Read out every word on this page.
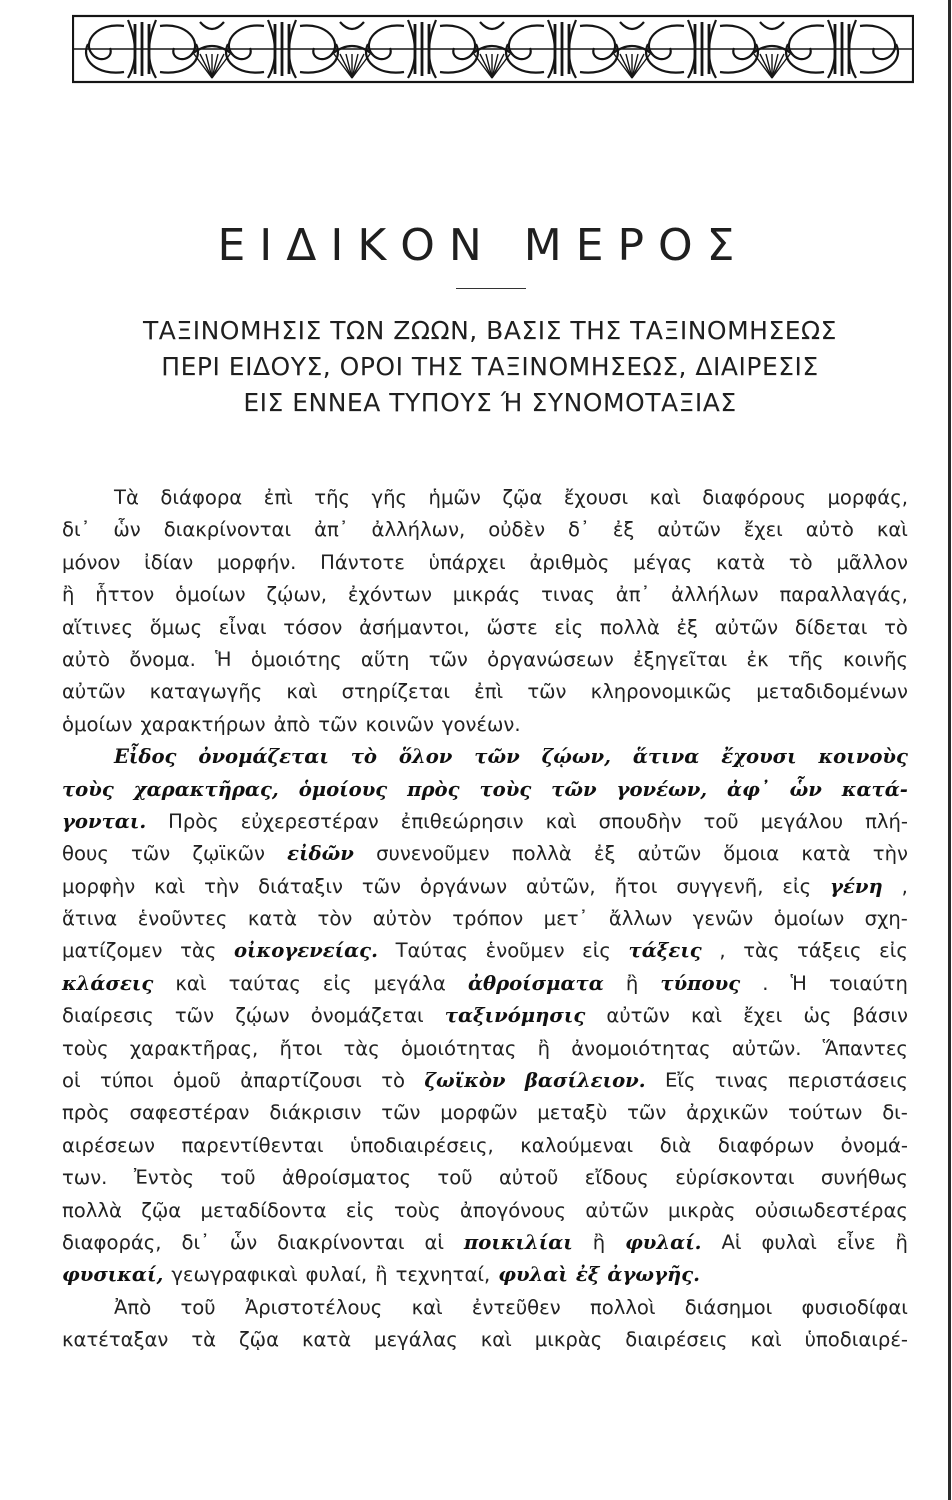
ΕΙΔΙΚΟΝ ΜΕΡΟΣ
ΤΑΞΙΝΟΜΗΣΙΣ ΤΩΝ ΖΩΩΝ, ΒΑΣΙΣ ΤΗΣ ΤΑΞΙΝΟΜΗΣΕΩΣ
ΠΕΡΙ ΕΙΔΟΥΣ, ΟΡΟΙ ΤΗΣ ΤΑΞΙΝΟΜΗΣΕΩΣ, ΔΙΑΙΡΕΣΙΣ
ΕΙΣ ΕΝΝΕΑ ΤΥΠΟΥΣ Ή ΣΥΝΟΜΟΤΑΞΙΑΣ
Τὰ διάφορα ἐπὶ τῆς γῆς ἡμῶν ζῷα ἔχουσι καὶ διαφόρους μορφάς,
δι᾿ ὧν διακρίνονται ἀπ᾿ ἀλλήλων, οὐδὲν δ᾿ ἐξ αὐτῶν ἔχει αὐτὸ καὶ
μόνον ἰδίαν μορφήν. Πάντοτε ὑπάρχει ἀριθμὸς μέγας κατὰ τὸ μᾶλλον
ἢ ἧττον ὁμοίων ζῴων, ἐχόντων μικράς τινας ἀπ᾿ ἀλλήλων παραλλαγάς,
αἵτινες ὅμως εἶναι τόσον ἀσήμαντοι, ὥστε εἰς πολλὰ ἐξ αὐτῶν δίδεται τὸ
αὐτὸ ὄνομα. Ἡ ὁμοιότης αὕτη τῶν ὀργανώσεων ἐξηγεῖται ἐκ τῆς κοινῆς
αὐτῶν καταγωγῆς καὶ στηρίζεται ἐπὶ τῶν κληρονομικῶς μεταδιδομένων
ὁμοίων χαρακτήρων ἀπὸ τῶν κοινῶν γονέων.
Εἶδος ὀνομάζεται τὸ ὅλον τῶν ζῴων, ἅτινα ἔχουσι κοινοὺς
τοὺς χαρακτῆρας, ὁμοίους πρὸς τοὺς τῶν γονέων, ἀφ᾿ ὧν κατά-
γονται. Πρὸς εὐχερεστέραν ἐπιθεώρησιν καὶ σπουδὴν τοῦ μεγάλου πλή-
θους τῶν ζῳϊκῶν εἰδῶν συνενοῦμεν πολλὰ ἐξ αὐτῶν ὅμοια κατὰ τὴν
μορφὴν καὶ τὴν διάταξιν τῶν ὀργάνων αὐτῶν, ἤτοι συγγενῆ, εἰς γένη ,
ἅτινα ἑνοῦντες κατὰ τὸν αὐτὸν τρόπον μετ᾿ ἄλλων γενῶν ὁμοίων σχη-
ματίζομεν τὰς οἰκογενείας. Ταύτας ἑνοῦμεν εἰς τάξεις , τὰς τάξεις εἰς
κλάσεις καὶ ταύτας εἰς μεγάλα ἀθροίσματα ἢ τύπους . Ἡ τοιαύτη
διαίρεσις τῶν ζῴων ὀνομάζεται ταξινόμησις αὐτῶν καὶ ἔχει ὡς βάσιν
τοὺς χαρακτῆρας, ἤτοι τὰς ὁμοιότητας ἢ ἀνομοιότητας αὐτῶν. Ἅπαντες
οἱ τύποι ὁμοῦ ἀπαρτίζουσι τὸ ζωϊκὸν βασίλειον. Εἴς τινας περιστάσεις
πρὸς σαφεστέραν διάκρισιν τῶν μορφῶν μεταξὺ τῶν ἀρχικῶν τούτων δι-
αιρέσεων παρεντίθενται ὑποδιαιρέσεις, καλούμεναι διὰ διαφόρων ὀνομά-
των. Ἐντὸς τοῦ ἀθροίσματος τοῦ αὐτοῦ εἴδους εὑρίσκονται συνήθως
πολλὰ ζῷα μεταδίδοντα εἰς τοὺς ἀπογόνους αὐτῶν μικρὰς οὐσιωδεστέρας
διαφοράς, δι᾿ ὧν διακρίνονται αἱ ποικιλίαι ἢ φυλαί. Αἱ φυλαὶ εἶνε ἢ
φυσικαί, γεωγραφικαὶ φυλαί, ἢ τεχνηταί, φυλαὶ ἐξ ἀγωγῆς.
Ἀπὸ τοῦ Ἀριστοτέλους καὶ ἐντεῦθεν πολλοὶ διάσημοι φυσιοδίφαι
κατέταξαν τὰ ζῷα κατὰ μεγάλας καὶ μικρὰς διαιρέσεις καὶ ὑποδιαιρέ-
